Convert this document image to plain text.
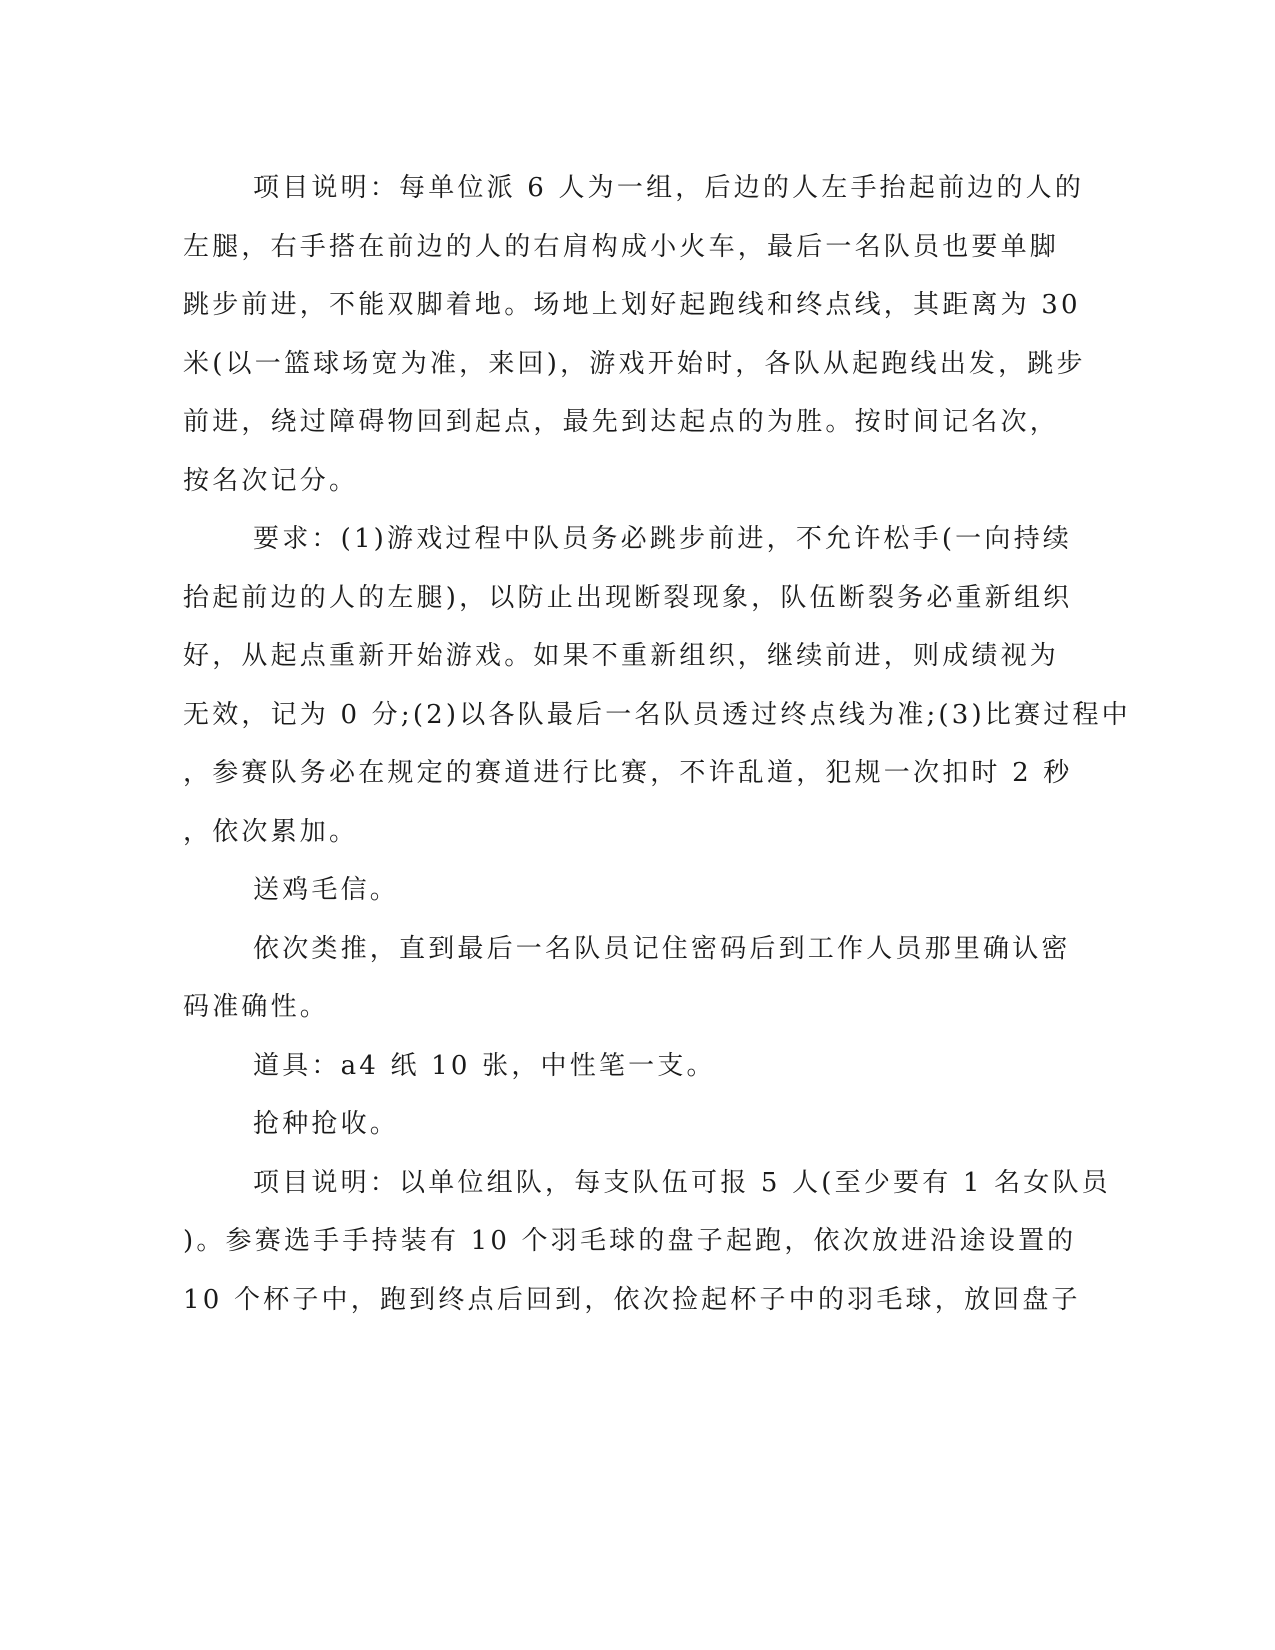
项目说明：每单位派 6 人为一组，后边的人左手抬起前边的人的
左腿，右手搭在前边的人的右肩构成小火车，最后一名队员也要单脚
跳步前进，不能双脚着地。场地上划好起跑线和终点线，其距离为 30
米(以一篮球场宽为准，来回)，游戏开始时，各队从起跑线出发，跳步
前进，绕过障碍物回到起点，最先到达起点的为胜。按时间记名次，
按名次记分。
要求：(1)游戏过程中队员务必跳步前进，不允许松手(一向持续
抬起前边的人的左腿)，以防止出现断裂现象，队伍断裂务必重新组织
好，从起点重新开始游戏。如果不重新组织，继续前进，则成绩视为
无效，记为 0 分;(2)以各队最后一名队员透过终点线为准;(3)比赛过程中
，参赛队务必在规定的赛道进行比赛，不许乱道，犯规一次扣时 2 秒
，依次累加。
送鸡毛信。
依次类推，直到最后一名队员记住密码后到工作人员那里确认密
码准确性。
道具：a4 纸 10 张，中性笔一支。
抢种抢收。
项目说明：以单位组队，每支队伍可报 5 人(至少要有 1 名女队员
)。参赛选手手持装有 10 个羽毛球的盘子起跑，依次放进沿途设置的
10 个杯子中，跑到终点后回到，依次捡起杯子中的羽毛球，放回盘子
